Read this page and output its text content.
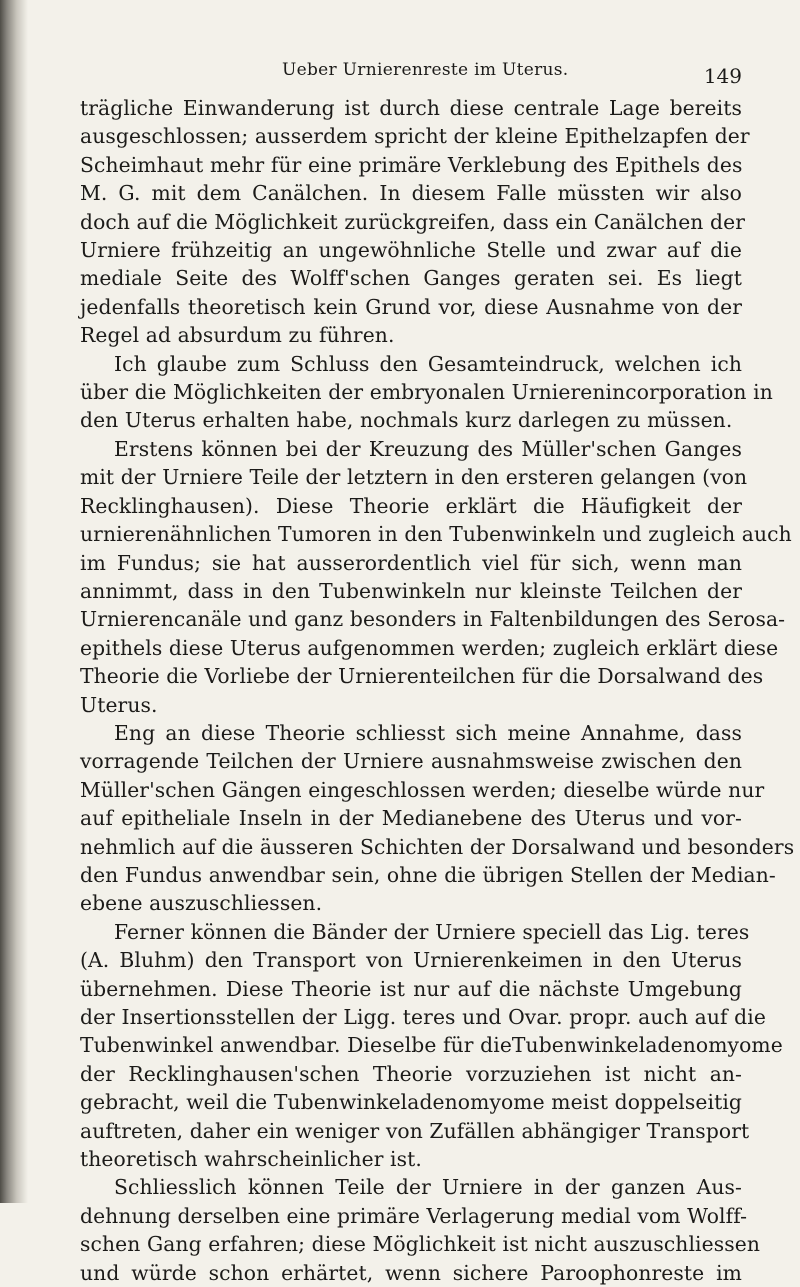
Ueber Urnierenreste im Uterus.	149
trägliche Einwanderung ist durch diese centrale Lage bereits
ausgeschlossen; ausserdem spricht der kleine Epithelzapfen der
Scheimhaut mehr für eine primäre Verklebung des Epithels des
M. G. mit dem Canälchen. In diesem Falle müssten wir also
doch auf die Möglichkeit zurückgreifen, dass ein Canälchen der
Urniere frühzeitig an ungewöhnliche Stelle und zwar auf die
mediale Seite des Wolff'schen Ganges geraten sei. Es liegt
jedenfalls theoretisch kein Grund vor, diese Ausnahme von der
Regel ad absurdum zu führen.
Ich glaube zum Schluss den Gesamteindruck, welchen ich
über die Möglichkeiten der embryonalen Urnierenincorporation in
den Uterus erhalten habe, nochmals kurz darlegen zu müssen.
Erstens können bei der Kreuzung des Müller'schen Ganges
mit der Urniere Teile der letztern in den ersteren gelangen (von
Recklinghausen). Diese Theorie erklärt die Häufigkeit der
urnierenähnlichen Tumoren in den Tubenwinkeln und zugleich auch
im Fundus; sie hat ausserordentlich viel für sich, wenn man
annimmt, dass in den Tubenwinkeln nur kleinste Teilchen der
Urnierencanäle und ganz besonders in Faltenbildungen des Serosa-
epithels diese Uterus aufgenommen werden; zugleich erklärt diese
Theorie die Vorliebe der Urnierenteilchen für die Dorsalwand des
Uterus.
Eng an diese Theorie schliesst sich meine Annahme, dass
vorragende Teilchen der Urniere ausnahmsweise zwischen den
Müller'schen Gängen eingeschlossen werden; dieselbe würde nur
auf epitheliale Inseln in der Medianebene des Uterus und vor-
nehmlich auf die äusseren Schichten der Dorsalwand und besonders
den Fundus anwendbar sein, ohne die übrigen Stellen der Median-
ebene auszuschliessen.
Ferner können die Bänder der Urniere speciell das Lig. teres
(A. Bluhm) den Transport von Urnierenkeimen in den Uterus
übernehmen. Diese Theorie ist nur auf die nächste Umgebung
der Insertionsstellen der Ligg. teres und Ovar. propr. auch auf die
Tubenwinkel anwendbar. Dieselbe für dieTubenwinkeladenomyome
der Recklinghausen'schen Theorie vorzuziehen ist nicht an-
gebracht, weil die Tubenwinkeladenomyome meist doppelseitig
auftreten, daher ein weniger von Zufällen abhängiger Transport
theoretisch wahrscheinlicher ist.
Schliesslich können Teile der Urniere in der ganzen Aus-
dehnung derselben eine primäre Verlagerung medial vom Wolff-
schen Gang erfahren; diese Möglichkeit ist nicht auszuschliessen
und würde schon erhärtet, wenn sichere Paroophonreste im
